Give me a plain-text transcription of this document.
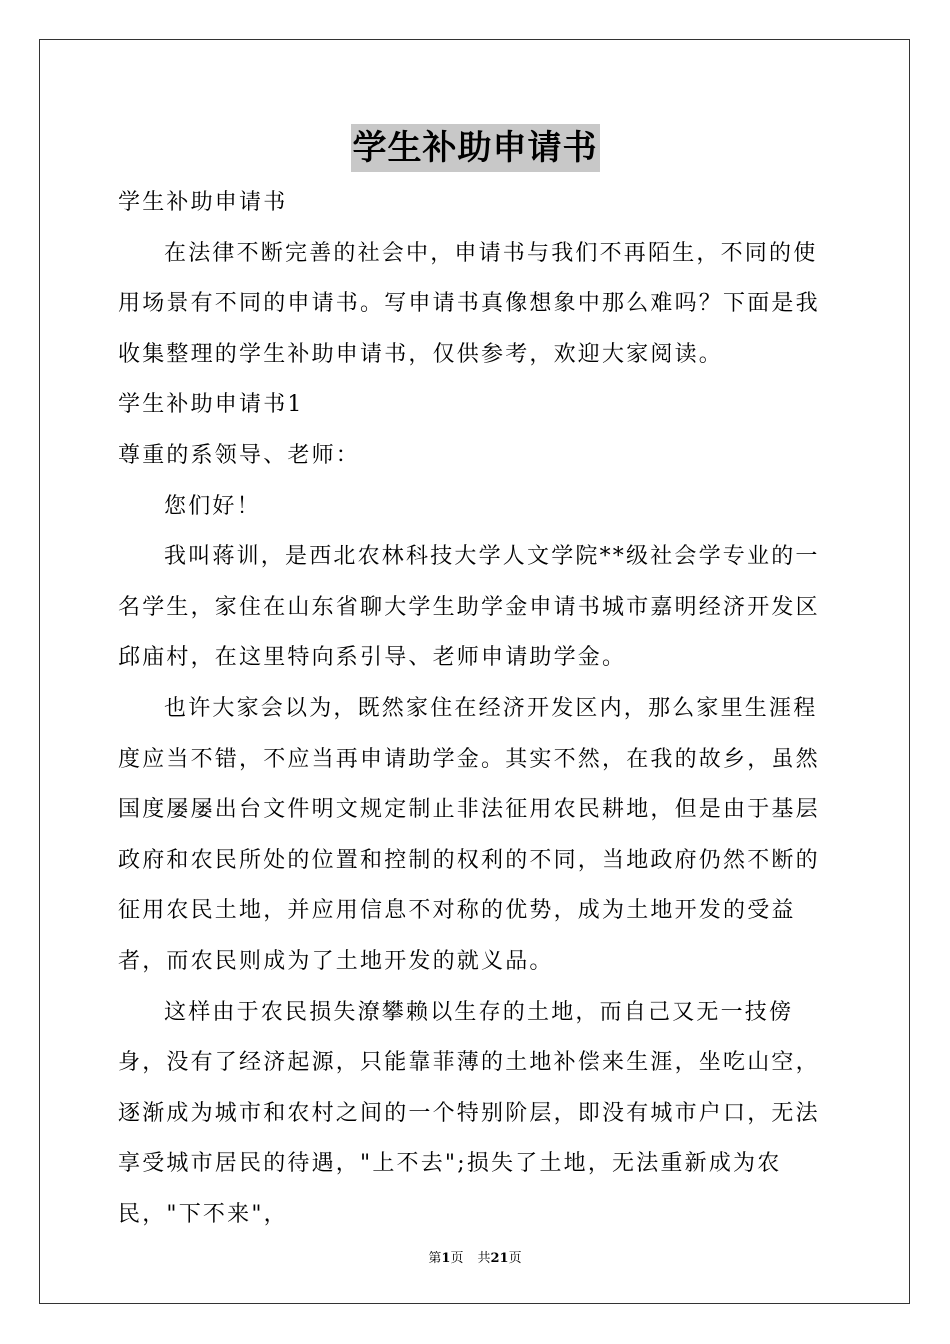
学生补助申请书

学生补助申请书

在法律不断完善的社会中，申请书与我们不再陌生，不同的使用场景有不同的申请书。写申请书真像想象中那么难吗？下面是我收集整理的学生补助申请书，仅供参考，欢迎大家阅读。

学生补助申请书1

尊重的系领导、老师：

您们好！

我叫蒋训，是西北农林科技大学人文学院**级社会学专业的一名学生，家住在山东省聊大学生助学金申请书城市嘉明经济开发区邱庙村，在这里特向系引导、老师申请助学金。

也许大家会以为，既然家住在经济开发区内，那么家里生涯程度应当不错，不应当再申请助学金。其实不然，在我的故乡，虽然国度屡屡出台文件明文规定制止非法征用农民耕地，但是由于基层政府和农民所处的位置和控制的权利的不同，当地政府仍然不断的征用农民土地，并应用信息不对称的优势，成为土地开发的受益者，而农民则成为了土地开发的就义品。

这样由于农民损失潦攀赖以生存的土地，而自己又无一技傍身，没有了经济起源，只能靠菲薄的土地补偿来生涯，坐吃山空，逐渐成为城市和农村之间的一个特别阶层，即没有城市户口，无法享受城市居民的待遇，"上不去";损失了土地，无法重新成为农民，"下不来"，

第1页 共21页
